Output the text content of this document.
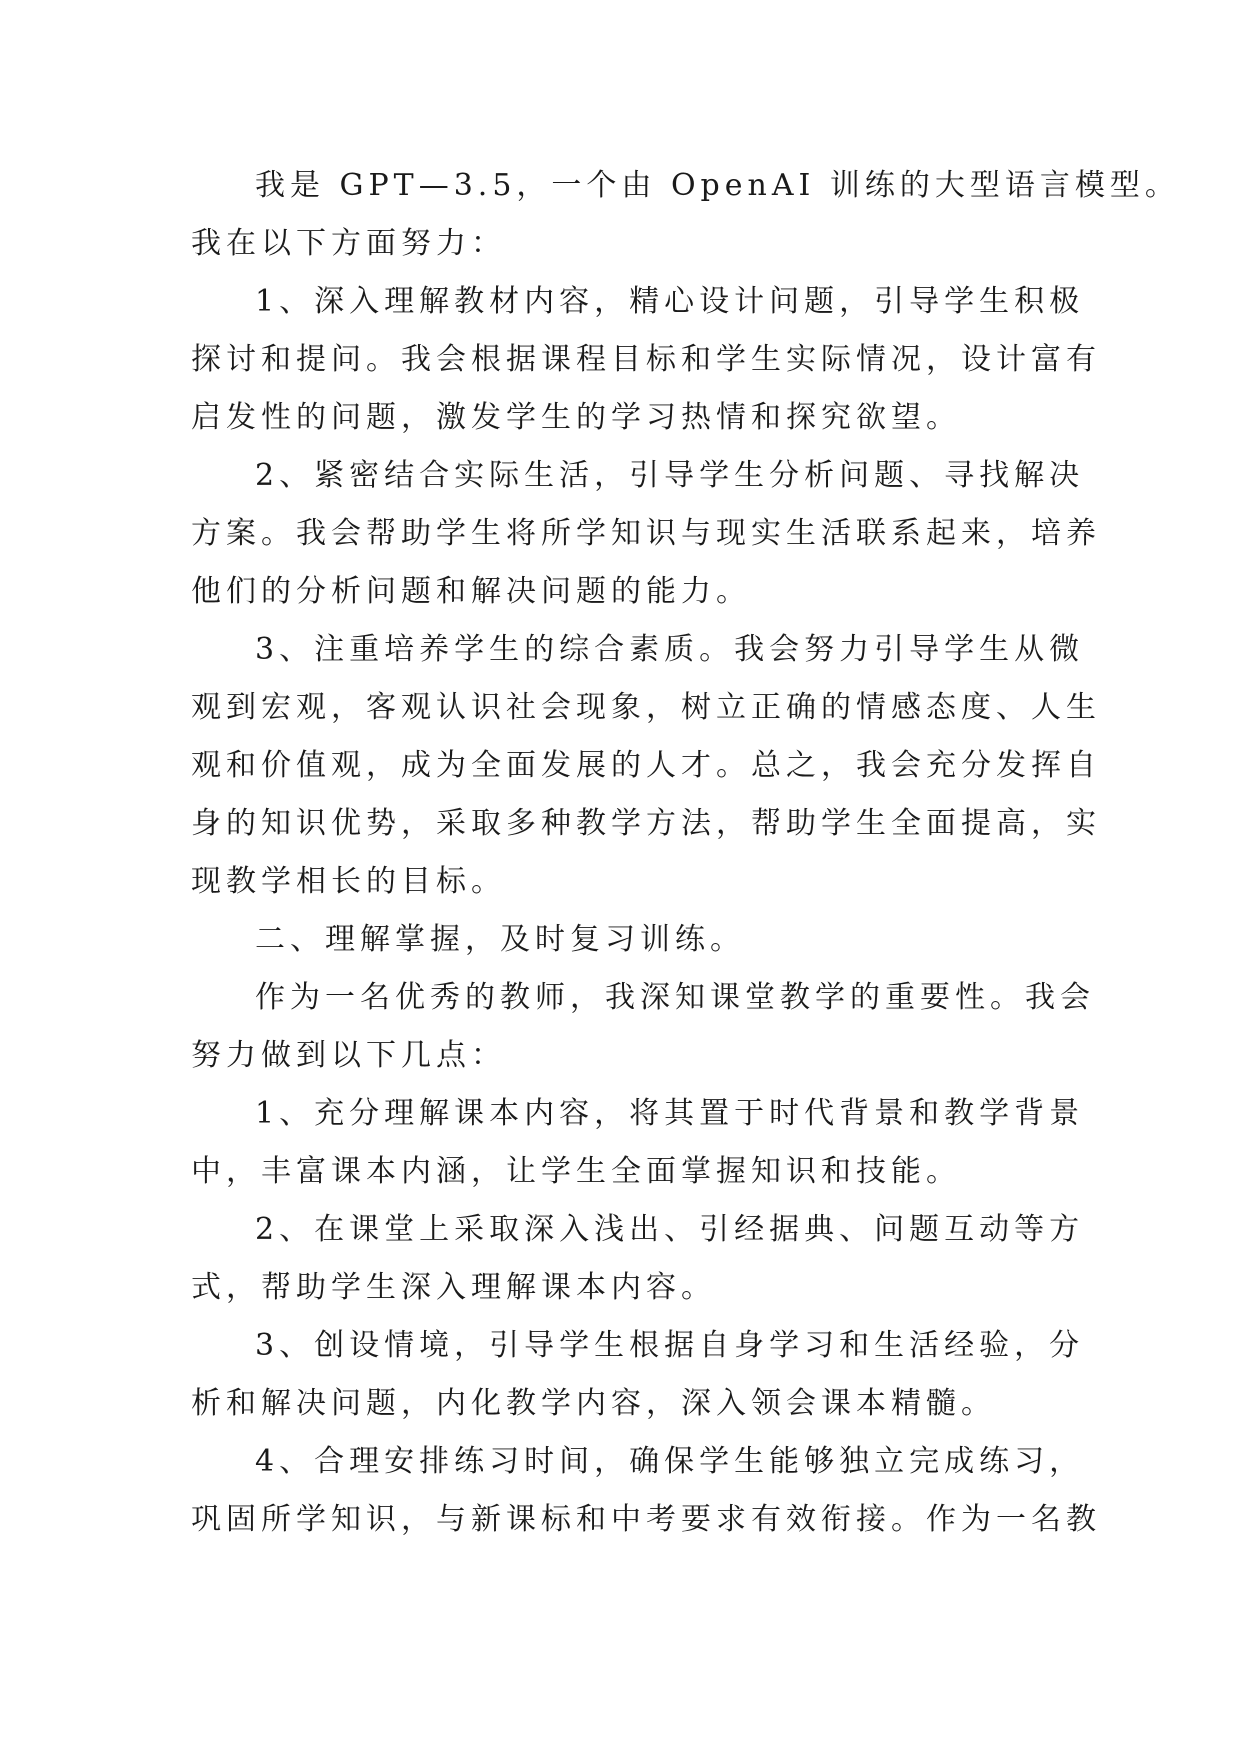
我是 GPT—3.5，一个由 OpenAI 训练的大型语言模型。
我在以下方面努力：
1、深入理解教材内容，精心设计问题，引导学生积极
探讨和提问。我会根据课程目标和学生实际情况，设计富有
启发性的问题，激发学生的学习热情和探究欲望。
2、紧密结合实际生活，引导学生分析问题、寻找解决
方案。我会帮助学生将所学知识与现实生活联系起来，培养
他们的分析问题和解决问题的能力。
3、注重培养学生的综合素质。我会努力引导学生从微
观到宏观，客观认识社会现象，树立正确的情感态度、人生
观和价值观，成为全面发展的人才。总之，我会充分发挥自
身的知识优势，采取多种教学方法，帮助学生全面提高，实
现教学相长的目标。
二、理解掌握，及时复习训练。
作为一名优秀的教师，我深知课堂教学的重要性。我会
努力做到以下几点：
1、充分理解课本内容，将其置于时代背景和教学背景
中，丰富课本内涵，让学生全面掌握知识和技能。
2、在课堂上采取深入浅出、引经据典、问题互动等方
式，帮助学生深入理解课本内容。
3、创设情境，引导学生根据自身学习和生活经验，分
析和解决问题，内化教学内容，深入领会课本精髓。
4、合理安排练习时间，确保学生能够独立完成练习，
巩固所学知识，与新课标和中考要求有效衔接。作为一名教
